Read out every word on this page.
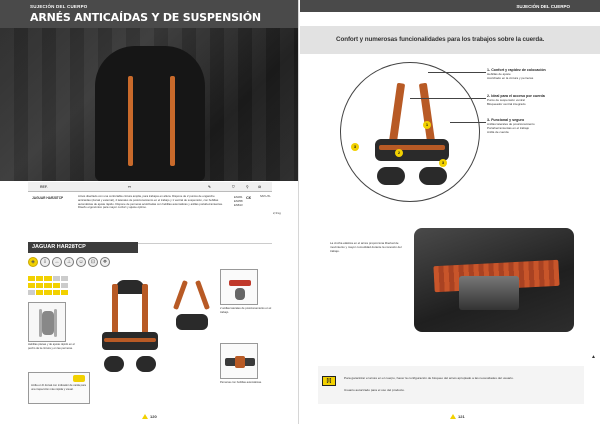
SUJECIÓN DEL CUERPO
ARNÉS ANTICAÍDAS Y DE SUSPENSIÓN
REF.	⚯	✎	⛉	⚲	⚖
JAGUAR HAR28TCP	Arnés diseñado con una confortable cintura amplia, para trabajos en altura. Dispone de 2 puntos de enganche anticaídas (dorsal y esternal), 2 laterales de posicionamiento en el trabajo y 1 ventral de suspensión, con hebillas automáticas de ajuste rápido. Dispone de perneras acolchadas con hebillas automáticas y anillas portaherramientas. Diseño ergonómico para mayor confort y ajuste óptimo.
EN361 EN358 EN813
C€	S/M L/XL
2,3 kg
JAGUAR HAR28TCP
◈	⇩	↔	⊥	☺	⊡	❖
Hebillas planas y de ajuste rápido en el pecho de la cintura y en las perneras.
Anilla en D dorsal con indicador de caída para una inspección más rápida y visual.
2 anillas laterales de posicionamiento en el trabajo.
Perneras con hebillas automáticas.
120
SUJECIÓN DEL CUERPO
Confort y numerosas funcionalidades para los trabajos sobre la cuerda.
1
2
3
3
1- Confort y rapidez de colocación
Hebillas de ajuste
Acolchado en la cintura y perneras
2- Ideal para el acceso por cuerda
Punto de suspensión ventral
Bloqueador ventral integrado
3- Funcional y seguro
Anillas laterales de posicionamiento
Portaherramientas en el trabajo
Anilla de cuerda
La cincha elástica en el arnés proporciona libertad de movimiento y mayor comodidad durante la conexión del trabajo.
[i]	Para garantizar el arnés en el cuerpo, hacer la configuración de bloqueo del arnés apropiado a las necesidades del usuario.
Usuario autorizado para el uso del producto.
▲
121
